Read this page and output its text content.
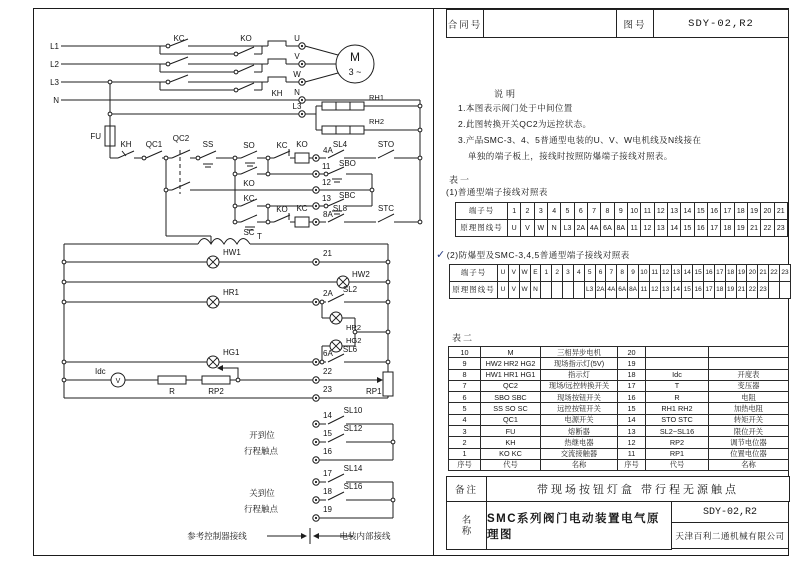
L1
L2
L3
N
KC	KO	U
V
W
N
KH
M
3 ~
L3
RH1
RH2
FU
KH QC1
QC2
SS	SO
KO
KC KO
4A
SL4	STO
11 SBO
12
13 SBC
KC
SC
KO KC
8A
SL8	STC
T
HW1	21
HW2
HR1	2A SL2
HR2
HG2
HG1	6A SL6
Idc
V
R	RP2
22
RP1
23
14
SL10
15
SL12
16
17
SL14
18
SL16
19
开到位
行程触点
关到位
行程触点
参考控制器接线	电装内部接线
合同号	图号	SDY-02,R2
说明
1.本图表示阀门处于中间位置
2.此图转换开关QC2为远控状态。
3.产品SMC-3、4、5普通型电装的U、V、W电机线及N线接在
单独的端子板上，接线时按照防爆端子接线对照表。
表一
(1)普通型端子接线对照表
端子号	1	2	3	4	5	6	7	8	9	10	11	12	13	14	15	16	17	18	19	20	21
原理图线号	U	V	W	N	L3	2A	4A	6A	8A	11	12	13	14	15	16	17	18	19	21	22	23
✓(2)防爆型及SMC-3,4,5普通型端子接线对照表
端子号	U	V	W	E	1	2	3	4	5	6	7	8	9	10	11	12	13	14	15	16	17	18	19	20	21	22	23
原理图线号	U	V	W	N					L3	2A	4A	6A	8A	11	12	13	14	15	16	17	18	19	21	22	23		
表二
10	M	三相异步电机	20		
9	HW2 HR2 HG2	现场指示灯(5V)	19		
8	HW1 HR1 HG1	指示灯	18	Idc	开度表
7	QC2	现场/远控转换开关	17	T	变压器
6	SBO SBC	现场按钮开关	16	R	电阻
5	SS SO SC	远控按钮开关	15	RH1 RH2	加热电阻
4	QC1	电源开关	14	STO STC	转矩开关
3	FU	熔断器	13	SL2~SL16	限位开关
2	KH	热继电器	12	RP2	调节电位器
1	KO KC	交流接触器	11	RP1	位置电位器
序号	代号	名称	序号	代号	名称
备注	带现场按钮灯盒 带行程无源触点
名
称
SMC系列阀门电动装置电气原理图
SDY-02,R2
天津百利二通机械有限公司
